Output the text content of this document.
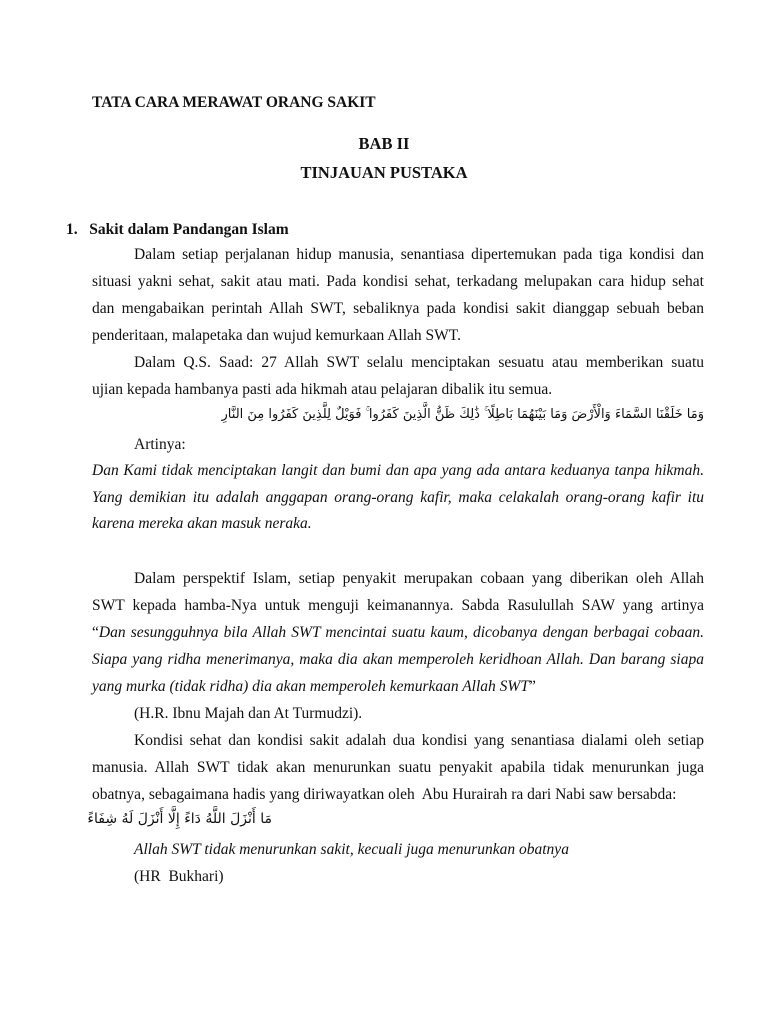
TATA CARA MERAWAT ORANG SAKIT
BAB II
TINJAUAN PUSTAKA
1.   Sakit dalam Pandangan Islam
Dalam setiap perjalanan hidup manusia, senantiasa dipertemukan pada tiga kondisi dan
situasi yakni sehat, sakit atau mati. Pada kondisi sehat, terkadang melupakan cara hidup sehat
dan mengabaikan perintah Allah SWT, sebaliknya pada kondisi sakit dianggap sebuah beban
penderitaan, malapetaka dan wujud kemurkaan Allah SWT.
Dalam Q.S. Saad: 27 Allah SWT selalu menciptakan sesuatu atau memberikan suatu
ujian kepada hambanya pasti ada hikmah atau pelajaran dibalik itu semua.
وَمَا خَلَقْنَا السَّمَاءَ وَالْأَرْضَ وَمَا بَيْنَهُمَا بَاطِلًا ۚ ذَٰلِكَ ظَنُّ الَّذِينَ كَفَرُوا ۚ فَوَيْلٌ لِلَّذِينَ كَفَرُوا مِنَ النَّارِ
Artinya:
Dan Kami tidak menciptakan langit dan bumi dan apa yang ada antara keduanya tanpa hikmah.
Yang demikian itu adalah anggapan orang-orang kafir, maka celakalah orang-orang kafir itu
karena mereka akan masuk neraka.
Dalam perspektif Islam, setiap penyakit merupakan cobaan yang diberikan oleh Allah
SWT kepada hamba-Nya untuk menguji keimanannya. Sabda Rasulullah SAW yang artinya
“ Dan sesungguhnya bila Allah SWT mencintai suatu kaum, dicobanya dengan berbagai cobaan.
Siapa yang ridha menerimanya, maka dia akan memperoleh keridhoan Allah. Dan barang siapa
yang murka (tidak ridha) dia akan memperoleh kemurkaan Allah SWT”
(H.R. Ibnu Majah dan At Turmudzi).
Kondisi sehat dan kondisi sakit adalah dua kondisi yang senantiasa dialami oleh setiap
manusia. Allah SWT tidak akan menurunkan suatu penyakit apabila tidak menurunkan juga
obatnya, sebagaimana hadis yang diriwayatkan oleh  Abu Hurairah ra dari Nabi saw bersabda:
مَا أَنْزَلَ اللَّهُ دَاءً إِلَّا أَنْزَلَ لَهُ شِفَاءً
Allah SWT tidak menurunkan sakit, kecuali juga menurunkan obatnya
(HR  Bukhari)
